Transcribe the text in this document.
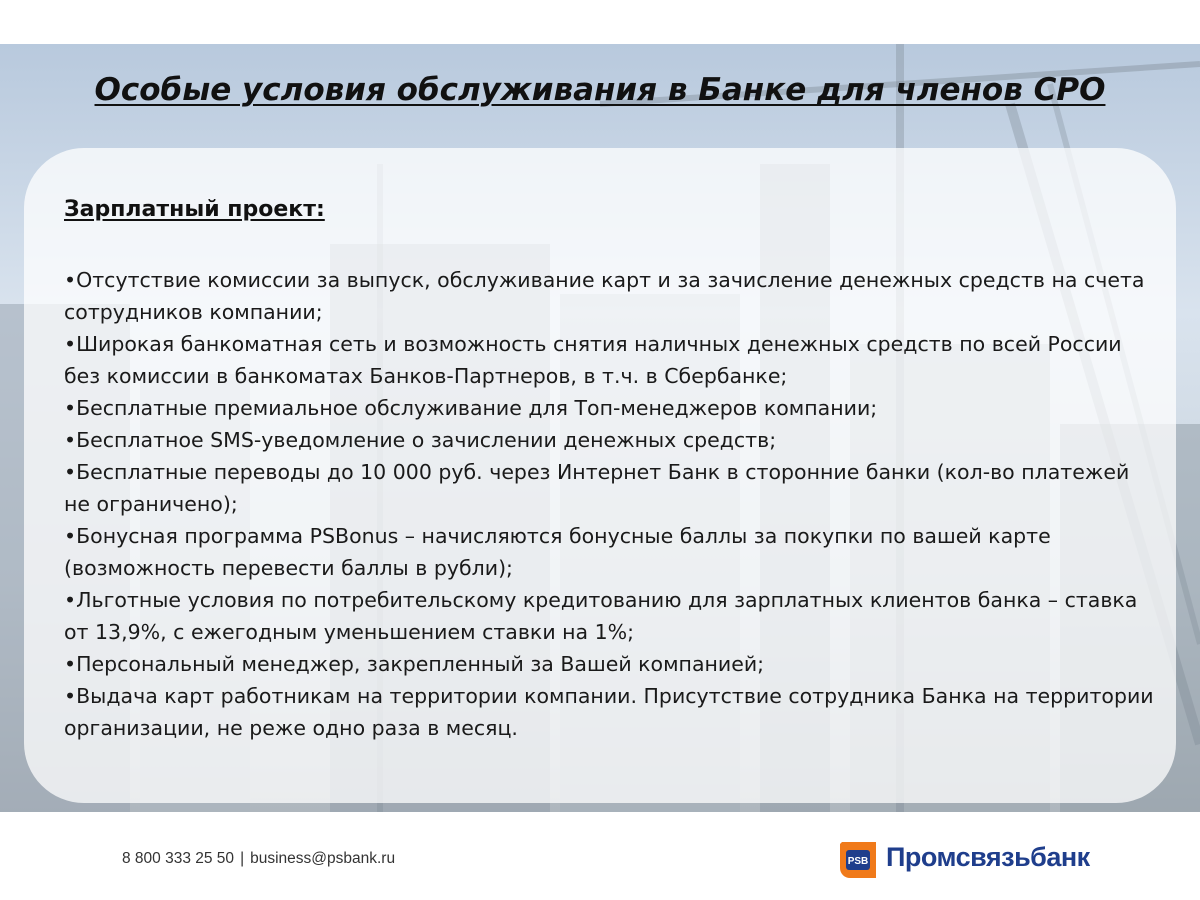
Особые условия обслуживания в Банке для членов СРО
Зарплатный проект:
• Отсутствие комиссии за выпуск, обслуживание карт и за зачисление денежных средств на счета сотрудников компании;
• Широкая банкоматная сеть и возможность снятия наличных денежных средств по всей России без комиссии в банкоматах Банков-Партнеров, в т.ч. в Сбербанке;
• Бесплатные премиальное обслуживание для Топ-менеджеров компании;
• Бесплатное SMS-уведомление о зачислении денежных средств;
• Бесплатные переводы до 10 000 руб. через Интернет Банк в сторонние банки (кол-во платежей не ограничено);
• Бонусная программа PSBonus – начисляются бонусные баллы за покупки по вашей карте (возможность перевести баллы в рубли);
• Льготные условия по потребительскому кредитованию для зарплатных клиентов банка – ставка от 13,9%, с ежегодным уменьшением ставки на 1%;
• Персональный менеджер, закрепленный за Вашей компанией;
• Выдача карт работникам на территории компании. Присутствие сотрудника Банка на территории организации, не реже одно раза в месяц.
8 800 333 25 50 | business@psbank.ru	PSB Промсвязьбанк
